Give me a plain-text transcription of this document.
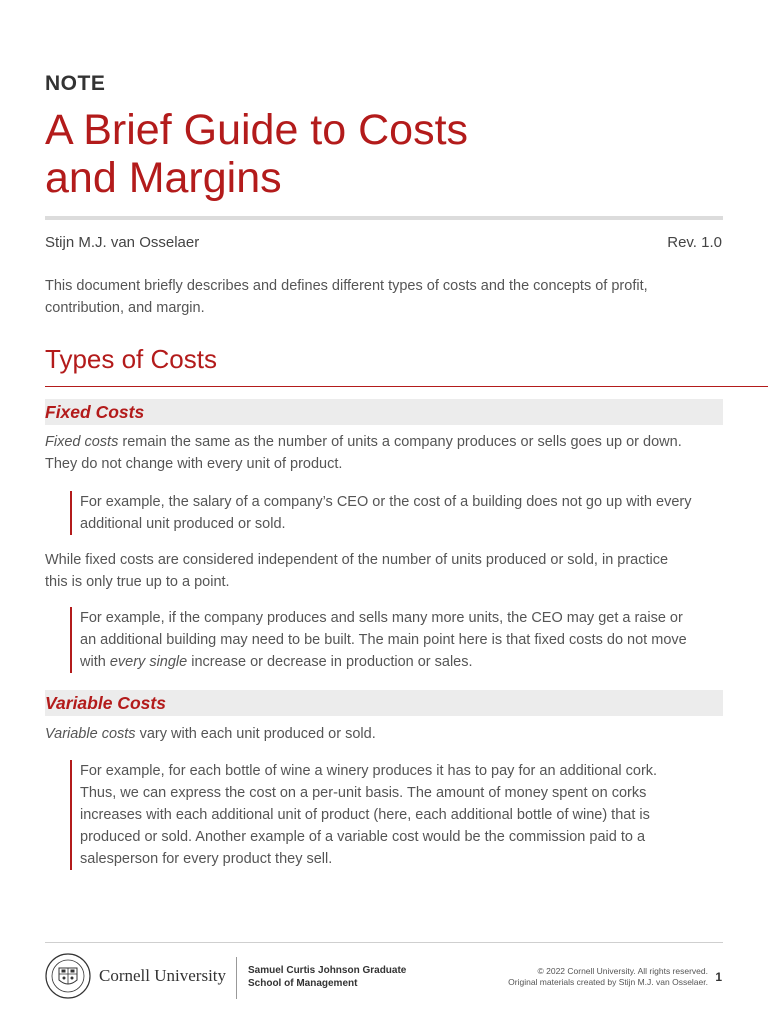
NOTE
A Brief Guide to Costs
and Margins
Stijn M.J. van Osselaer	Rev. 1.0
This document briefly describes and defines different types of costs and the concepts of profit,
contribution, and margin.
Types of Costs
Fixed Costs
Fixed costs remain the same as the number of units a company produces or sells goes up or down.
They do not change with every unit of product.
For example, the salary of a company’s CEO or the cost of a building does not go up with every
additional unit produced or sold.
While fixed costs are considered independent of the number of units produced or sold, in practice
this is only true up to a point.
For example, if the company produces and sells many more units, the CEO may get a raise or
an additional building may need to be built. The main point here is that fixed costs do not move
with every single increase or decrease in production or sales.
Variable Costs
Variable costs vary with each unit produced or sold.
For example, for each bottle of wine a winery produces it has to pay for an additional cork.
Thus, we can express the cost on a per-unit basis. The amount of money spent on corks
increases with each additional unit of product (here, each additional bottle of wine) that is
produced or sold. Another example of a variable cost would be the commission paid to a
salesperson for every product they sell.
Cornell University Samuel Curtis Johnson Graduate
School of Management
© 2022 Cornell University. All rights reserved.
Original materials created by Stijn M.J. van Osselaer. 1
